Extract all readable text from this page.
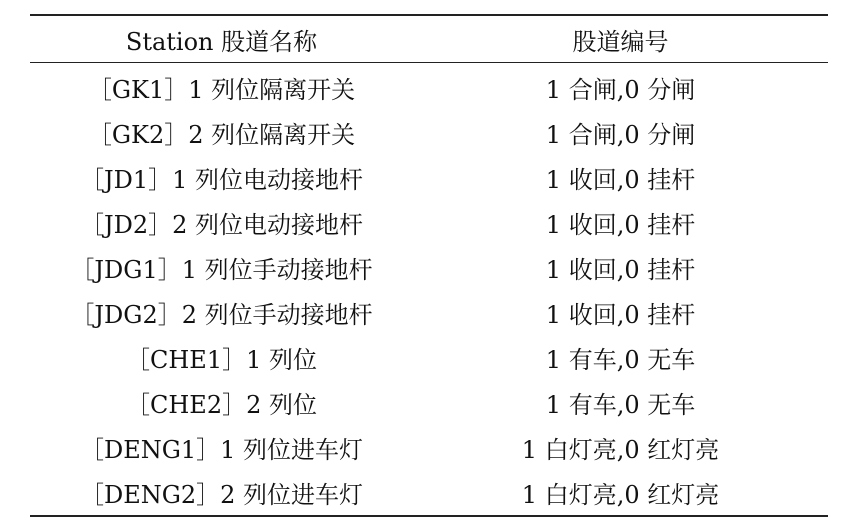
Station 股道名称	股道编号
［GK1］1 列位隔离开关	1 合闸,0 分闸
［GK2］2 列位隔离开关	1 合闸,0 分闸
［JD1］1 列位电动接地杆	1 收回,0 挂杆
［JD2］2 列位电动接地杆	1 收回,0 挂杆
［JDG1］1 列位手动接地杆	1 收回,0 挂杆
［JDG2］2 列位手动接地杆	1 收回,0 挂杆
［CHE1］1 列位	1 有车,0 无车
［CHE2］2 列位	1 有车,0 无车
［DENG1］1 列位进车灯	1 白灯亮,0 红灯亮
［DENG2］2 列位进车灯	1 白灯亮,0 红灯亮
